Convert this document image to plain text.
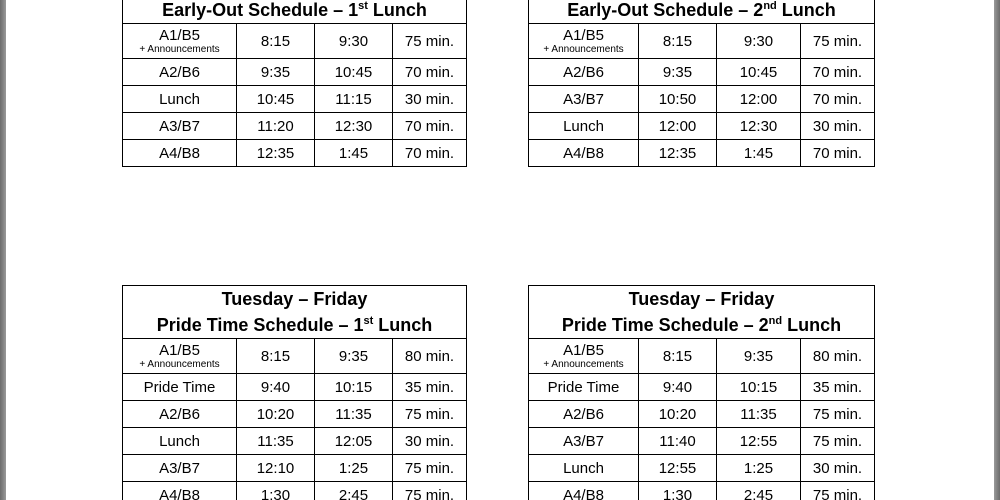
Early-Out Schedule – 1st Lunch			

A1/B5
+ Announcements	8:15	9:30	75 min.
A2/B6	9:35	10:45	70 min.
Lunch	10:45	11:15	30 min.
A3/B7	11:20	12:30	70 min.
A4/B8	12:35	1:45	70 min.
Early-Out Schedule – 2nd Lunch			

A1/B5
+ Announcements	8:15	9:30	75 min.
A2/B6	9:35	10:45	70 min.
A3/B7	10:50	12:00	70 min.
Lunch	12:00	12:30	30 min.
A4/B8	12:35	1:45	70 min.
Tuesday – Friday
Pride Time Schedule – 1st Lunch			

A1/B5
+ Announcements	8:15	9:35	80 min.
Pride Time	9:40	10:15	35 min.
A2/B6	10:20	11:35	75 min.
Lunch	11:35	12:05	30 min.
A3/B7	12:10	1:25	75 min.
A4/B8	1:30	2:45	75 min.
Tuesday – Friday
Pride Time Schedule – 2nd Lunch			

A1/B5
+ Announcements	8:15	9:35	80 min.
Pride Time	9:40	10:15	35 min.
A2/B6	10:20	11:35	75 min.
A3/B7	11:40	12:55	75 min.
Lunch	12:55	1:25	30 min.
A4/B8	1:30	2:45	75 min.
